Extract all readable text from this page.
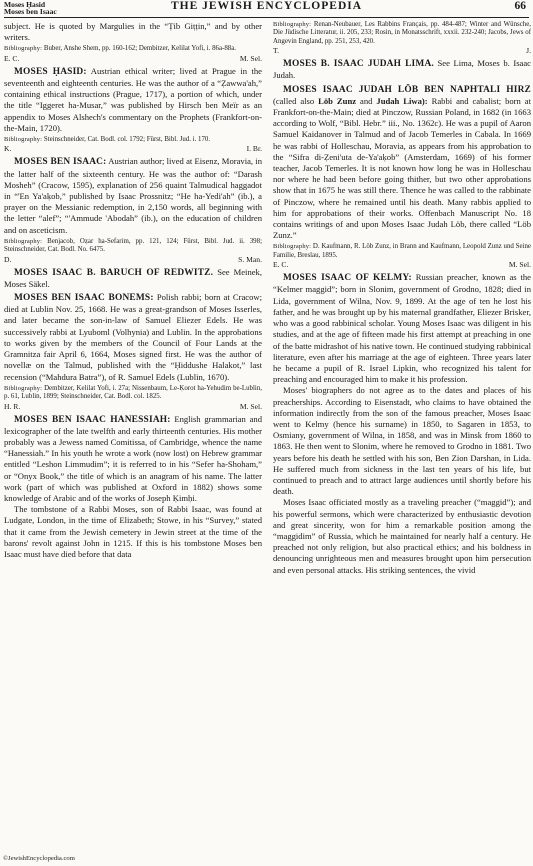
Moses Ḥasid
Moses ben Isaac	THE JEWISH ENCYCLOPEDIA	66

subject. He is quoted by Margulies in the “Ṭib Giṭṭin,” and by other writers.

Bibliography: Buber, Anshe Shem, pp. 160-162; Dembitzer, Kelilat Yofi, i. 86a-88a.
E. C.	M. Sel.

MOSES ḤASID: Austrian ethical writer; lived at Prague in the seventeenth and eighteenth centuries. He was the author of a “Ẓawwa'ah,” containing ethical instructions (Prague, 1717), a portion of which, under the title “Iggeret ha-Musar,” was published by Hirsch ben Meïr as an appendix to Moses Alshech's commentary on the Prophets (Frankfort-on-the-Main, 1720).

Bibliography: Steinschneider, Cat. Bodl. col. 1792; Fürst, Bibl. Jud. i. 170.
K.	I. Br.

MOSES BEN ISAAC: Austrian author; lived at Eisenz, Moravia, in the latter half of the sixteenth century. He was the author of: “Darash Mosheh” (Cracow, 1595), explanation of 256 quaint Talmudical haggadot in “'En Ya'aḳob,” published by Isaac Prossnitz; “He ha-Yedi'ah” (ib.), a prayer on the Messianic redemption, in 2,150 words, all beginning with the letter “alef”; “'Ammude 'Abodah” (ib.), on the education of children and on asceticism.

Bibliography: Benjacob, Oẓar ha-Sefarim, pp. 121, 124; Fürst, Bibl. Jud. ii. 398; Steinschneider, Cat. Bodl. No. 6475.
D.	S. Man.

MOSES ISAAC B. BARUCH OF REDWITZ. See Meinek, Moses Säkel.

MOSES BEN ISAAC BONEMS: Polish rabbi; born at Cracow; died at Lublin Nov. 25, 1668. He was a great-grandson of Moses Isserles, and later became the son-in-law of Samuel Eliezer Edels. He was successively rabbi at Lyuboml (Volhynia) and Lublin. In the approbations to works given by the members of the Council of Four Lands at the Gramnitza fair April 6, 1664, Moses signed first. He was the author of novellæ on the Talmud, published with the “Ḥiddushe Halakot,” last recension (“Mahdura Batra”), of R. Samuel Edels (Lublin, 1670).

Bibliography: Dembitzer, Kelilat Yofi, i. 27a; Nissenbaum, Le-Ḳorot ha-Yehudim be-Lublin, p. 61, Lublin, 1899; Steinschneider, Cat. Bodl. col. 1825.
H. R.	M. Sel.

MOSES BEN ISAAC HANESSIAH: English grammarian and lexicographer of the late twelfth and early thirteenth centuries. His mother probably was a Jewess named Comitissa, of Cambridge, whence the name “Hanessiah.” In his youth he wrote a work (now lost) on Hebrew grammar entitled “Leshon Limmudim”; it is referred to in his “Sefer ha-Shoham,” or “Onyx Book,” the title of which is an anagram of his name. The latter work (part of which was published at Oxford in 1882) shows some knowledge of Arabic and of the works of Joseph Ḳimḥi.

The tombstone of a Rabbi Moses, son of Rabbi Isaac, was found at Ludgate, London, in the time of Elizabeth; Stowe, in his “Survey,” stated that it came from the Jewish cemetery in Jewin street at the time of the barons' revolt against John in 1215. If this is his tombstone Moses ben Isaac must have died before that data

Bibliography: Renan-Neubauer, Les Rabbins Français, pp. 484-487; Winter and Wünsche, Die Jüdische Litteratur, ii. 205, 233; Rosin, in Monatsschrift, xxxii. 232-240; Jacobs, Jews of Angevin England, pp. 251, 253, 420.
T.	J.

MOSES B. ISAAC JUDAH LIMA. See Lima, Moses b. Isaac Judah.

MOSES ISAAC JUDAH LÖB BEN NAPHTALI HIRZ (called also Löb Zunz and Judah Liwa): Rabbi and cabalist; born at Frankfort-on-the-Main; died at Pinczow, Russian Poland, in 1682 (in 1663 according to Wolf, “Bibl. Hebr.” iii., No. 1362c). He was a pupil of Aaron Samuel Kaidanover in Talmud and of Jacob Temerles in Cabala. In 1669 he was rabbi of Holleschau, Moravia, as appears from his approbation to the “Sifra di-Ẓeni'uta de-Ya'aḳob” (Amsterdam, 1669) of his former teacher, Jacob Temerles. It is not known how long he was in Holleschau nor where he had been before going thither, but two other approbations show that in 1675 he was still there. Thence he was called to the rabbinate of Pinczow, where he remained until his death. Many rabbis applied to him for approbations of their works. Offenbach Manuscript No. 18 contains writings of and upon Moses Isaac Judah Löb, there called “Löb Zunz.”

Bibliography: D. Kaufmann, R. Löb Zunz, in Brann and Kaufmann, Leopold Zunz und Seine Familie, Breslau, 1895.
E. C.	M. Sel.

MOSES ISAAC OF KELMY: Russian preacher, known as the “Kelmer maggid”; born in Slonim, government of Grodno, 1828; died in Lida, government of Wilna, Nov. 9, 1899. At the age of ten he lost his father, and he was brought up by his maternal grandfather, Eliezer Brisker, who was a good rabbinical scholar. Young Moses Isaac was diligent in his studies, and at the age of fifteen made his first attempt at preaching in one of the batte midrashot of his native town. He continued studying rabbinical literature, even after his marriage at the age of eighteen. Three years later he became a pupil of R. Israel Lipkin, who recognized his talent for preaching and encouraged him to make it his profession.

Moses' biographers do not agree as to the dates and places of his preacherships. According to Eisenstadt, who claims to have obtained the information indirectly from the son of the famous preacher, Moses Isaac went to Kelmy (hence his surname) in 1850, to Sagaren in 1853, to Osmiany, government of Wilna, in 1858, and was in Minsk from 1860 to 1863. He then went to Slonim, where he removed to Grodno in 1881. Two years before his death he settled with his son, Ben Zion Darshan, in Lida. He suffered much from sickness in the last ten years of his life, but continued to preach and to attract large audiences until shortly before his death.

Moses Isaac officiated mostly as a traveling preacher (“maggid”); and his powerful sermons, which were characterized by enthusiastic devotion and great sincerity, won for him a remarkable position among the “maggidim” of Russia, which he maintained for nearly half a century. He preached not only religion, but also practical ethics; and his boldness in denouncing unrighteous men and measures brought upon him persecution and even personal attacks. His striking sentences, the vivid

©JewishEncyclopedia.com
